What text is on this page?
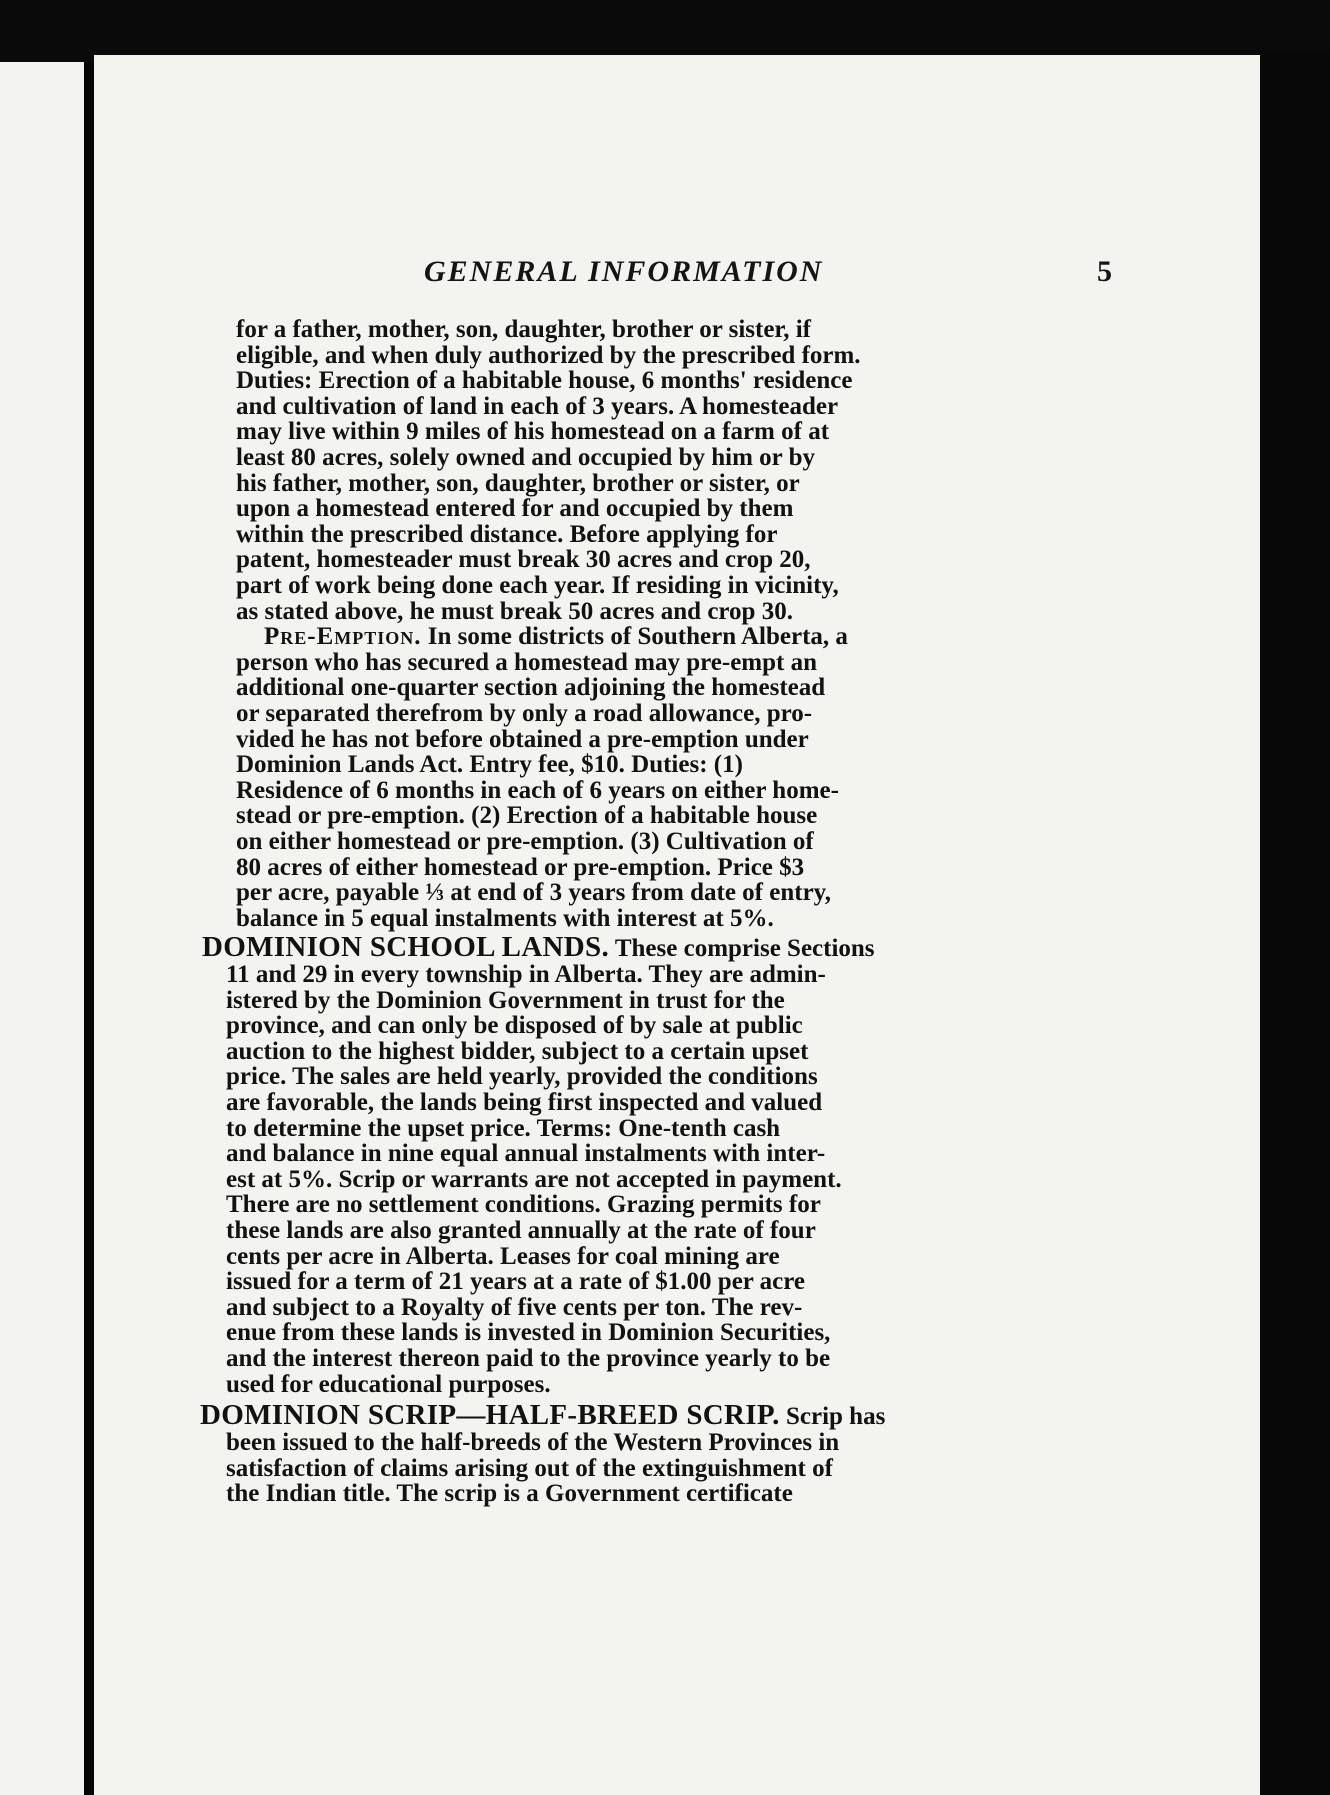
GENERAL INFORMATION	5
for a father, mother, son, daughter, brother or sister, if
eligible, and when duly authorized by the prescribed form.
Duties: Erection of a habitable house, 6 months' residence
and cultivation of land in each of 3 years. A homesteader
may live within 9 miles of his homestead on a farm of at
least 80 acres, solely owned and occupied by him or by
his father, mother, son, daughter, brother or sister, or
upon a homestead entered for and occupied by them
within the prescribed distance. Before applying for
patent, homesteader must break 30 acres and crop 20,
part of work being done each year. If residing in vicinity,
as stated above, he must break 50 acres and crop 30.
Pre-Emption. In some districts of Southern Alberta, a
person who has secured a homestead may pre-empt an
additional one-quarter section adjoining the homestead
or separated therefrom by only a road allowance, pro-
vided he has not before obtained a pre-emption under
Dominion Lands Act. Entry fee, $10. Duties: (1)
Residence of 6 months in each of 6 years on either home-
stead or pre-emption. (2) Erection of a habitable house
on either homestead or pre-emption. (3) Cultivation of
80 acres of either homestead or pre-emption. Price $3
per acre, payable ⅓ at end of 3 years from date of entry,
balance in 5 equal instalments with interest at 5%.
DOMINION SCHOOL LANDS. These comprise Sections
11 and 29 in every township in Alberta. They are admin-
istered by the Dominion Government in trust for the
province, and can only be disposed of by sale at public
auction to the highest bidder, subject to a certain upset
price. The sales are held yearly, provided the conditions
are favorable, the lands being first inspected and valued
to determine the upset price. Terms: One-tenth cash
and balance in nine equal annual instalments with inter-
est at 5%. Scrip or warrants are not accepted in payment.
There are no settlement conditions. Grazing permits for
these lands are also granted annually at the rate of four
cents per acre in Alberta. Leases for coal mining are
issued for a term of 21 years at a rate of $1.00 per acre
and subject to a Royalty of five cents per ton. The rev-
enue from these lands is invested in Dominion Securities,
and the interest thereon paid to the province yearly to be
used for educational purposes.
DOMINION SCRIP—HALF-BREED SCRIP. Scrip has
been issued to the half-breeds of the Western Provinces in
satisfaction of claims arising out of the extinguishment of
the Indian title. The scrip is a Government certificate
